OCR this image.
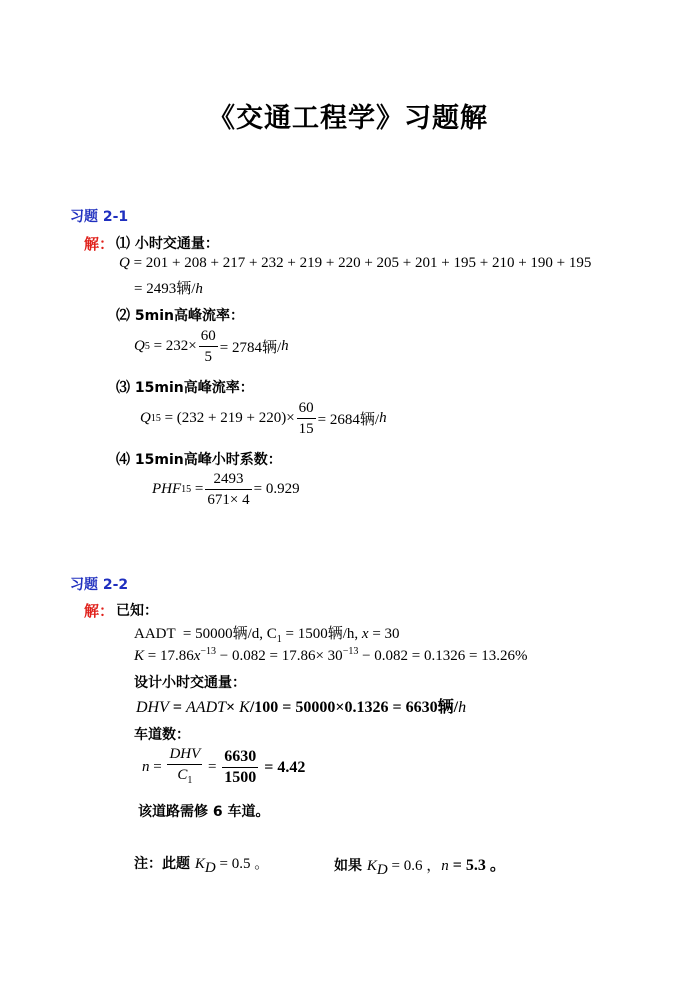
《交通工程学》习题解
习题 2-1
解： ⑴ 小时交通量：
Q = 201 + 208 + 217 + 232 + 219 + 220 + 205 + 201 + 195 + 210 + 190 + 195
= 2493辆/h
⑵ 5min高峰流率：
Q $5 = 232\times \frac{60}{5} = 2784$辆/ h
⑶ 15min高峰流率：
Q $15 = (232 + 219 + 220)\times \frac{60}{15} = 2684$辆/ h
⑷ 15min高峰小时系数：
PHF $15 = \frac{2493}{671\times 4} = 0.929$
习题 2-2
解： 已知：
AADT  = 50000辆/d, $C_1 = 1500$辆/h, x = 30
$K = 17.86x^{-13} - 0.082 = 17.86\times 30^{-13} - 0.082 = 0.1326 = 13.26\%$
设计小时交通量：
DHV = AADT× K/100 = 50000×0.1326 = 6630辆/h
车道数：
$n = \frac{\text{DHV}}{C_1} = \frac{6630}{1500} = 4.42$
该道路需修 6 车道。
注：此题 $K_D = 0.5$ 。	如果 $K_D = 0.6$ ，n = 5.3 。
